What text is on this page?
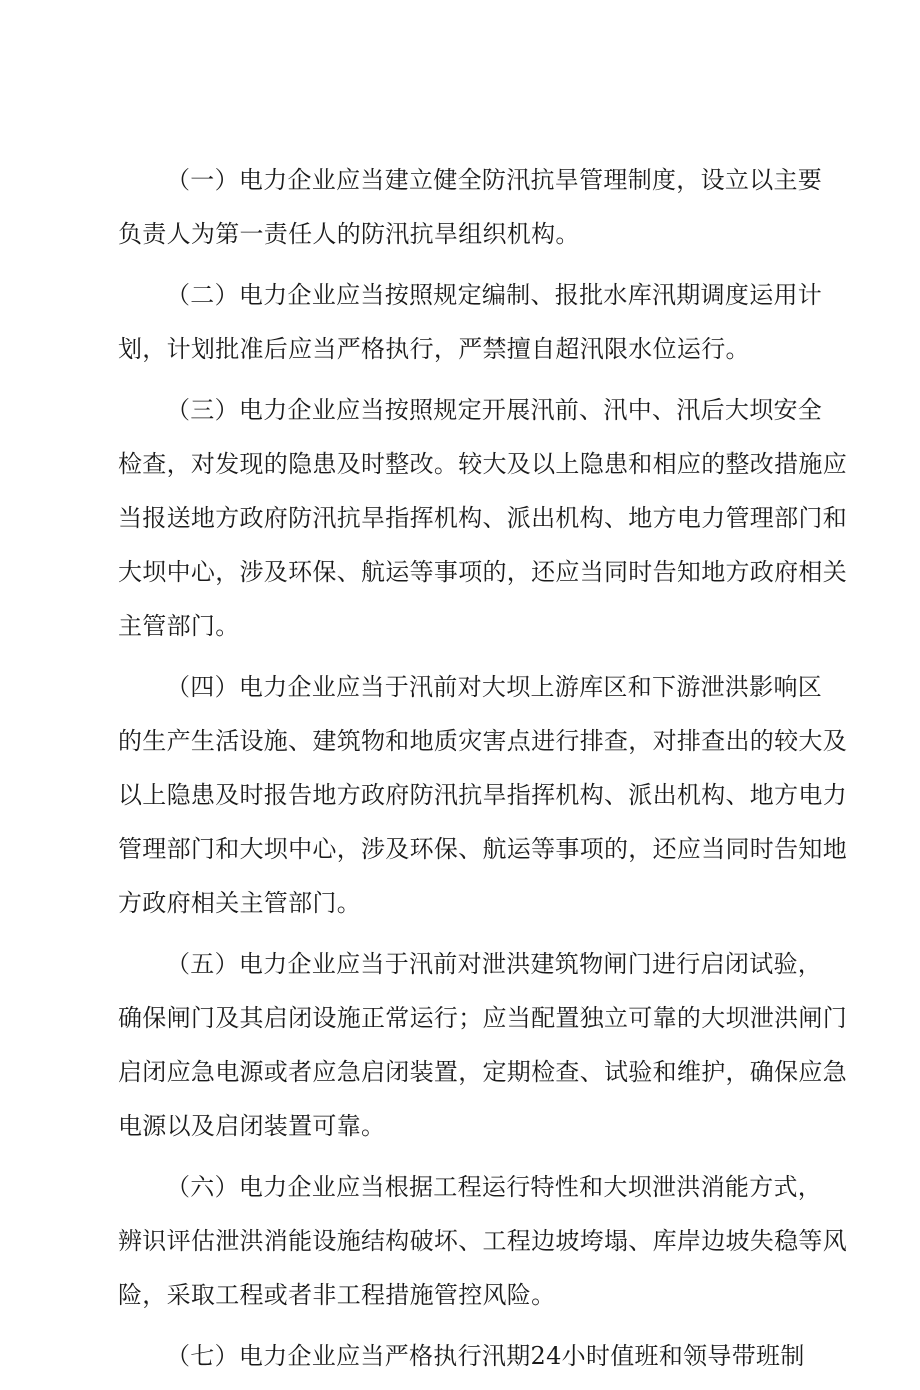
（一）电力企业应当建立健全防汛抗旱管理制度，设立以主要
负责人为第一责任人的防汛抗旱组织机构。
（二）电力企业应当按照规定编制、报批水库汛期调度运用计
划，计划批准后应当严格执行，严禁擅自超汛限水位运行。
（三）电力企业应当按照规定开展汛前、汛中、汛后大坝安全
检查，对发现的隐患及时整改。较大及以上隐患和相应的整改措施应
当报送地方政府防汛抗旱指挥机构、派出机构、地方电力管理部门和
大坝中心，涉及环保、航运等事项的，还应当同时告知地方政府相关
主管部门。
（四）电力企业应当于汛前对大坝上游库区和下游泄洪影响区
的生产生活设施、建筑物和地质灾害点进行排查，对排查出的较大及
以上隐患及时报告地方政府防汛抗旱指挥机构、派出机构、地方电力
管理部门和大坝中心，涉及环保、航运等事项的，还应当同时告知地
方政府相关主管部门。
（五）电力企业应当于汛前对泄洪建筑物闸门进行启闭试验，
确保闸门及其启闭设施正常运行；应当配置独立可靠的大坝泄洪闸门
启闭应急电源或者应急启闭装置，定期检查、试验和维护，确保应急
电源以及启闭装置可靠。
（六）电力企业应当根据工程运行特性和大坝泄洪消能方式，
辨识评估泄洪消能设施结构破坏、工程边坡垮塌、库岸边坡失稳等风
险，采取工程或者非工程措施管控风险。
（七）电力企业应当严格执行汛期24小时值班和领导带班制
